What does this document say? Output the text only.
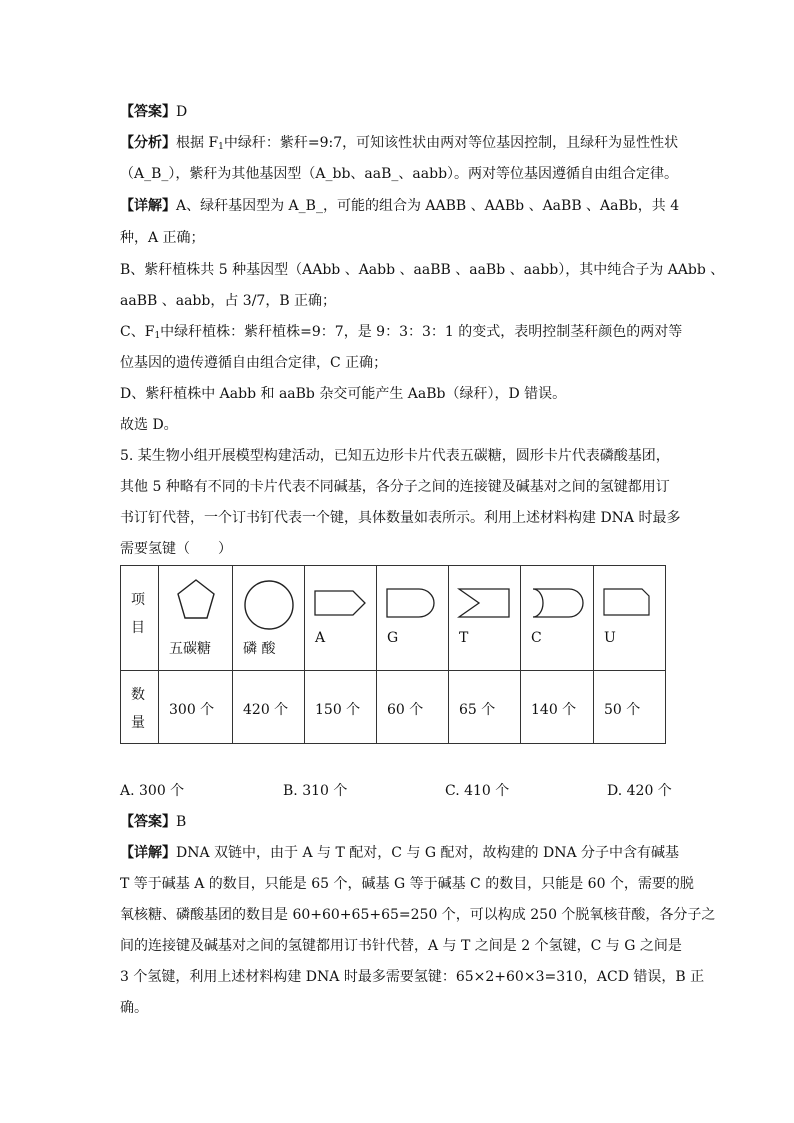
【答案】D
【分析】根据 $F_1$中绿秆：紫秆=9:7，可知该性状由两对等位基因控制，且绿秆为显性性状
（A_B_），紫秆为其他基因型（A_bb、aaB_、aabb）。两对等位基因遵循自由组合定律。
【详解】A、绿秆基因型为 A_B_，可能的组合为 AABB 、AABb 、AaBB 、AaBb，共 4
种，A 正确；
B、紫秆植株共 5 种基因型（AAbb 、Aabb 、aaBB 、aaBb 、aabb），其中纯合子为 AAbb 、
aaBB 、aabb，占 3/7，B 正确；
C、$F_1$中绿秆植株：紫秆植株=9：7，是 9：3：3：1 的变式，表明控制茎秆颜色的两对等
位基因的遗传遵循自由组合定律，C 正确；
D、紫秆植株中 Aabb 和 aaBb 杂交可能产生 AaBb（绿秆），D 错误。
故选 D。
5. 某生物小组开展模型构建活动，已知五边形卡片代表五碳糖，圆形卡片代表磷酸基团，
其他 5 种略有不同的卡片代表不同碱基，各分子之间的连接键及碱基对之间的氢键都用订
书订钉代替，一个订书钉代表一个键，具体数量如表所示。利用上述材料构建 DNA 时最多
需要氢键（　　）
项
目	五碳糖	磷 酸	A	G	T	C	U

数
量	300 个	420 个	150 个	60 个	65 个	140 个	50 个
A. 300 个	B. 310 个	C. 410 个	D. 420 个
【答案】B
【详解】DNA 双链中，由于 A 与 T 配对，C 与 G 配对，故构建的 DNA 分子中含有碱基
T 等于碱基 A 的数目，只能是 65 个，碱基 G 等于碱基 C 的数目，只能是 60 个，需要的脱
氧核糖、磷酸基团的数目是 60+60+65+65=250 个，可以构成 250 个脱氧核苷酸，各分子之
间的连接键及碱基对之间的氢键都用订书针代替，A 与 T 之间是 2 个氢键，C 与 G 之间是
3 个氢键，利用上述材料构建 DNA 时最多需要氢键：65×2+60×3=310，ACD 错误，B 正
确。
